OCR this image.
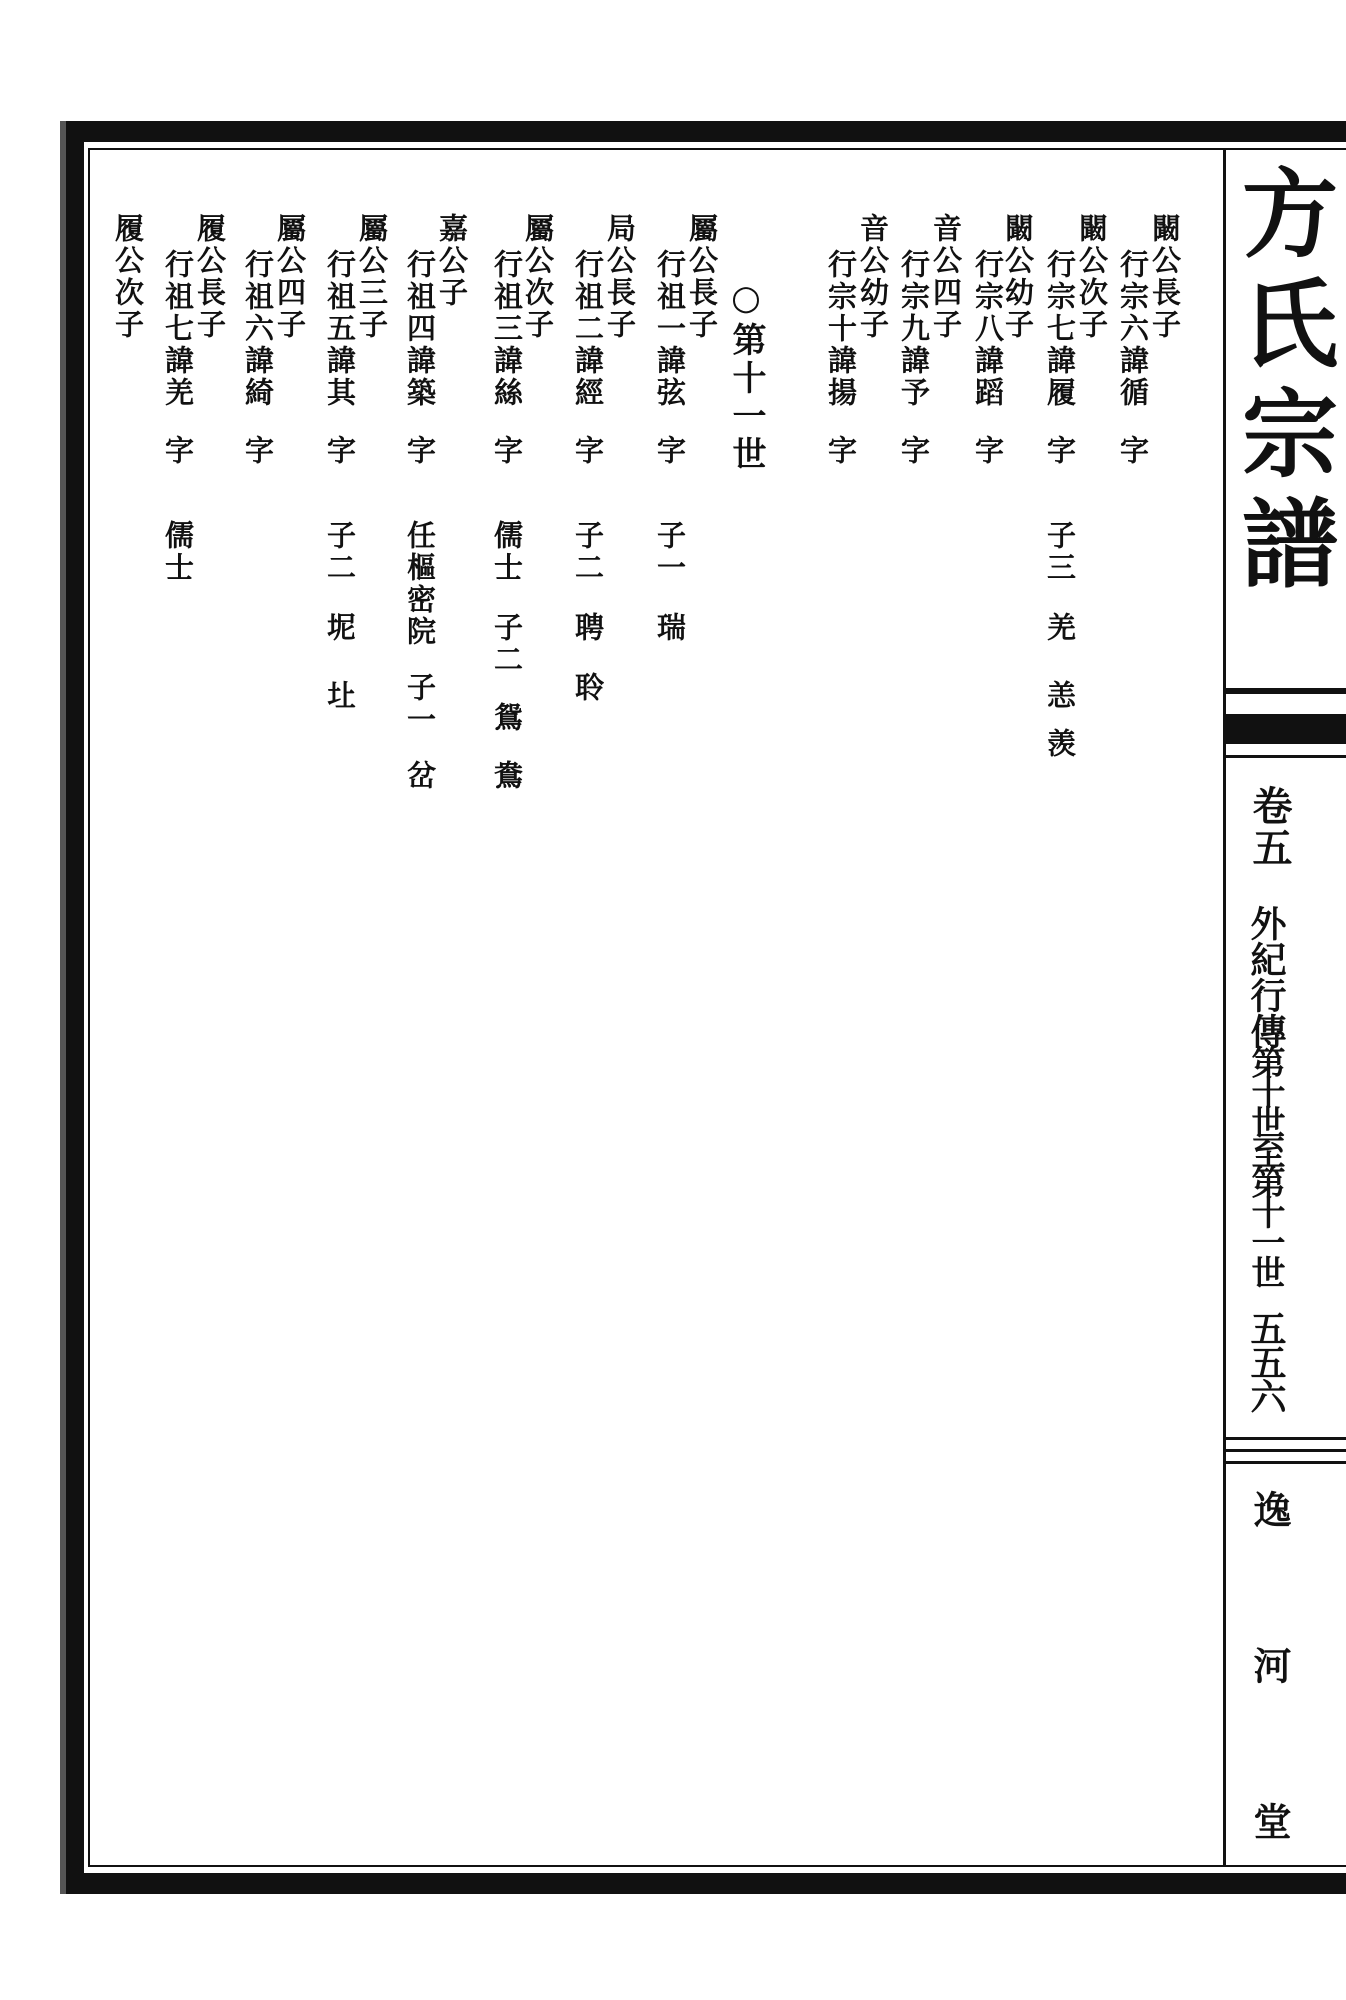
方
氏
宗
譜
卷五
外紀行傳
第十世至第十一世
五五六
逸河堂
闞公長子
行宗六諱循
字
闞公次子
行宗七諱履
字
子三
羌
恙
羡
闞公幼子
行宗八諱蹈
字
音公四子
行宗九諱予
字
音公幼子
行宗十諱揚
字
○第十一世
屬公長子
行祖一諱弦
字
子一
瑞
局公長子
行祖二諱經
字
子二
聘
聆
屬公次子
行祖三諱絲
字
儒士
子二
鴛
鴦
嘉公子
行祖四諱築
字
任樞密院
子一
岔
屬公三子
行祖五諱其
字
子二
坭
圵
屬公四子
行祖六諱綺
字
履公長子
行祖七諱羌
字
儒士
履公次子
